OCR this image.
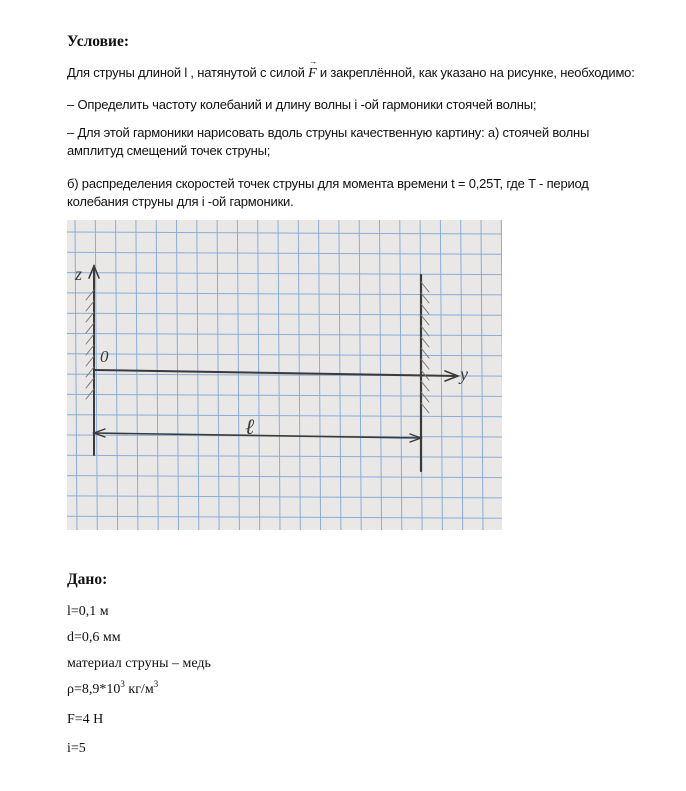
Условие:
Для струны длиной l , натянутой с силой F
→
и закреплённой, как указано на рисунке, необходимо:
– Определить частоту колебаний и длину волны i -ой гармоники стоячей волны;
– Для этой гармоники нарисовать вдоль струны качественную картину: а) стоячей волны
амплитуд смещений точек струны;
б) распределения скоростей точек струны для момента времени t = 0,25T, где T - период
колебания струны для i -ой гармоники.
z
0
y
ℓ
Дано:
l=0,1 м
d=0,6 мм
материал струны – медь
$\rho=8,9*10^3$ $кг/м^3$
F=4 Н
i=5
